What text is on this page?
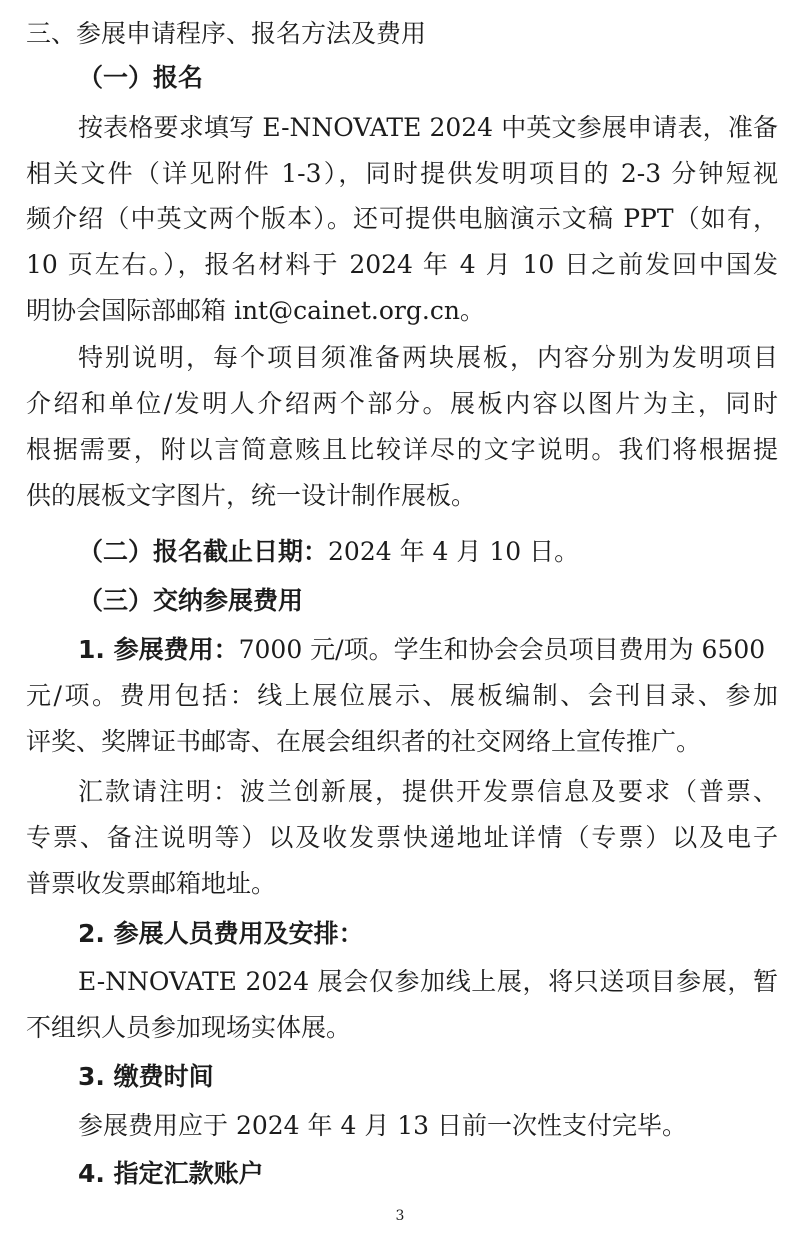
三、参展申请程序、报名方法及费用
（一）报名
按表格要求填写 E-NNOVATE 2024 中英文参展申请表，准备
相关文件（详见附件 1-3），同时提供发明项目的 2-3 分钟短视
频介绍（中英文两个版本）。还可提供电脑演示文稿 PPT（如有，
10 页左右。），报名材料于 2024 年 4 月 10 日之前发回中国发
明协会国际部邮箱 int@cainet.org.cn。
特别说明，每个项目须准备两块展板，内容分别为发明项目
介绍和单位/发明人介绍两个部分。展板内容以图片为主，同时
根据需要，附以言简意赅且比较详尽的文字说明。我们将根据提
供的展板文字图片，统一设计制作展板。
（二）报名截止日期：2024 年 4 月 10 日。
（三）交纳参展费用
1. 参展费用：7000 元/项。学生和协会会员项目费用为 6500
元/项。费用包括：线上展位展示、展板编制、会刊目录、参加
评奖、奖牌证书邮寄、在展会组织者的社交网络上宣传推广。
汇款请注明：波兰创新展，提供开发票信息及要求（普票、
专票、备注说明等）以及收发票快递地址详情（专票）以及电子
普票收发票邮箱地址。
2. 参展人员费用及安排：
E-NNOVATE 2024 展会仅参加线上展，将只送项目参展，暂
不组织人员参加现场实体展。
3. 缴费时间
参展费用应于 2024 年 4 月 13 日前一次性支付完毕。
4. 指定汇款账户
3
